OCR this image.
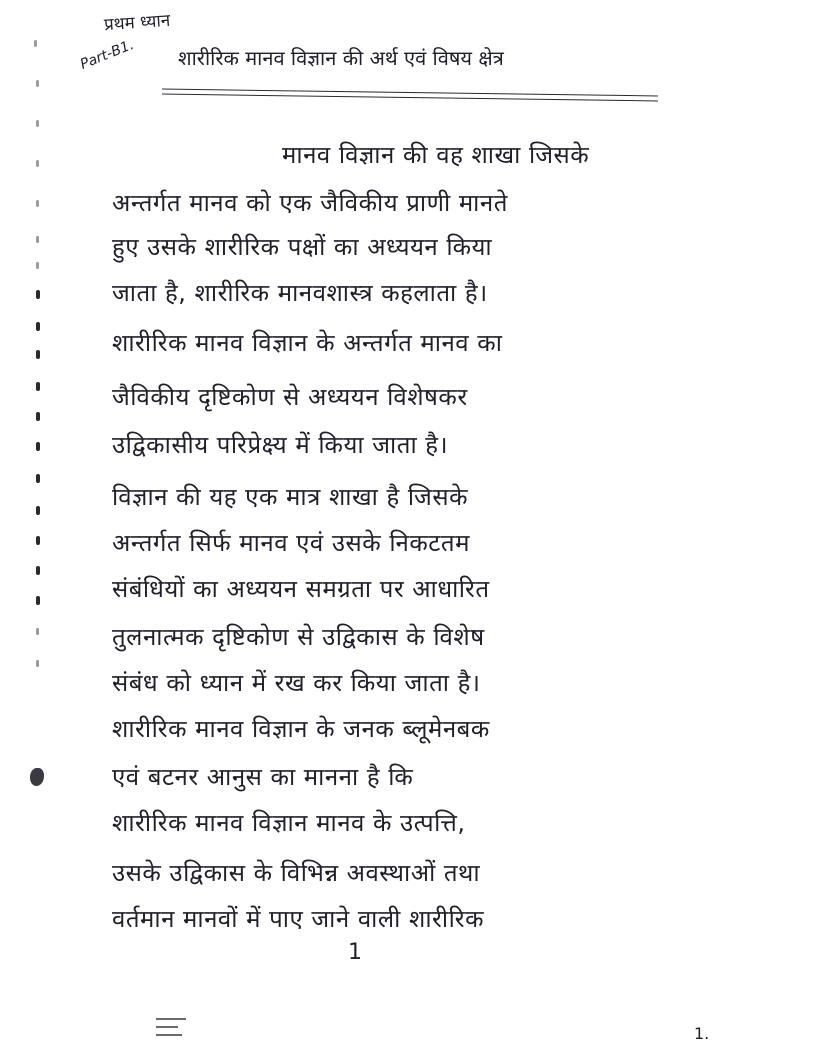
प्रथम ध्यान
Part-B1. शारीरिक मानव विज्ञान की अर्थ एवं विषय क्षेत्र
मानव विज्ञान की वह शाखा जिसके
अन्तर्गत मानव को एक जैविकीय प्राणी मानते
हुए उसके शारीरिक पक्षों का अध्ययन किया
जाता है, शारीरिक मानवशास्त्र कहलाता है।
शारीरिक मानव विज्ञान के अन्तर्गत मानव का
जैविकीय दृष्टिकोण से अध्ययन विशेषकर
उद्विकासीय परिप्रेक्ष्य में किया जाता है।
विज्ञान की यह एक मात्र शाखा है जिसके
अन्तर्गत सिर्फ मानव एवं उसके निकटतम
संबंधियों का अध्ययन समग्रता पर आधारित
तुलनात्मक दृष्टिकोण से उद्विकास के विशेष
संबंध को ध्यान में रख कर किया जाता है।
शारीरिक मानव विज्ञान के जनक ब्लूमेनबक
एवं बटनर आनुस का मानना है कि
शारीरिक मानव विज्ञान मानव के उत्पत्ति,
उसके उद्विकास के विभिन्न अवस्थाओं तथा
वर्तमान मानवों में पाए जाने वाली शारीरिक
1
1.
